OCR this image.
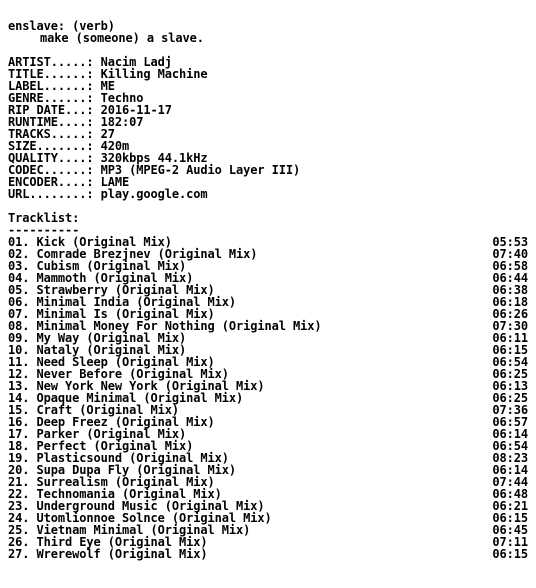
enslave: (verb)
make (someone) a slave.
ARTIST.....: Nacim Ladj
TITLE......: Killing Machine
LABEL......: ME
GENRE......: Techno
RIP DATE...: 2016-11-17
RUNTIME....: 182:07
TRACKS.....: 27
SIZE.......: 420m
QUALITY....: 320kbps 44.1kHz
CODEC......: MP3 (MPEG-2 Audio Layer III)
ENCODER....: LAME
URL........: play.google.com
Tracklist:
----------
01. Kick (Original Mix)	05:53
02. Comrade Brezjnev (Original Mix)	07:40
03. Cubism (Original Mix)	06:58
04. Mammoth (Original Mix)	06:44
05. Strawberry (Original Mix)	06:38
06. Minimal India (Original Mix)	06:18
07. Minimal Is (Original Mix)	06:26
08. Minimal Money For Nothing (Original Mix)	07:30
09. My Way (Original Mix)	06:11
10. Nataly (Original Mix)	06:15
11. Need Sleep (Original Mix)	06:54
12. Never Before (Original Mix)	06:25
13. New York New York (Original Mix)	06:13
14. Opaque Minimal (Original Mix)	06:25
15. Craft (Original Mix)	07:36
16. Deep Freez (Original Mix)	06:57
17. Parker (Original Mix)	06:14
18. Perfect (Original Mix)	06:54
19. Plasticsound (Original Mix)	08:23
20. Supa Dupa Fly (Original Mix)	06:14
21. Surrealism (Original Mix)	07:44
22. Technomania (Original Mix)	06:48
23. Underground Music (Original Mix)	06:21
24. Utomlionnoe Solnce (Original Mix)	06:15
25. Vietnam Minimal (Original Mix)	06:45
26. Third Eye (Original Mix)	07:11
27. Wrerewolf (Original Mix)	06:15
